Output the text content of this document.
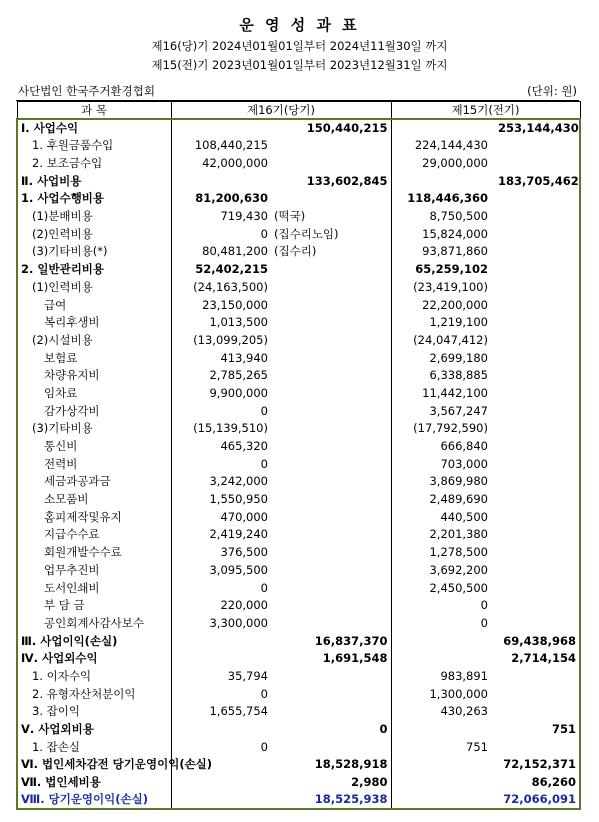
운 영 성 과 표
제16(당)기 2024년01월01일부터 2024년11월30일 까지
제15(전)기 2023년01월01일부터 2023년12월31일 까지
사단법인 한국주거환경협회	(단위: 원)
과 목	제16기(당기)			제15기(전기)		
Ⅰ. 사업수익			150,440,215			253,144,430
1. 후원금품수입	108,440,215			224,144,430		
2. 보조금수입	42,000,000			29,000,000		
Ⅱ. 사업비용			133,602,845			183,705,462
1. 사업수행비용	81,200,630			118,446,360		
(1)분배비용	719,430	(떡국)		8,750,500		
(2)인력비용	0	(집수리노임)		15,824,000		
(3)기타비용(*)	80,481,200	(집수리)		93,871,860		
2. 일반관리비용	52,402,215			65,259,102		
(1)인력비용	(24,163,500)			(23,419,100)		
급여	23,150,000			22,200,000		
복리후생비	1,013,500			1,219,100		
(2)시설비용	(13,099,205)			(24,047,412)		
보험료	413,940			2,699,180		
차량유지비	2,785,265			6,338,885		
임차료	9,900,000			11,442,100		
감가상각비	0			3,567,247		
(3)기타비용	(15,139,510)			(17,792,590)		
통신비	465,320			666,840		
전력비	0			703,000		
세금과공과금	3,242,000			3,869,980		
소모품비	1,550,950			2,489,690		
홈피제작및유지	470,000			440,500		
지급수수료	2,419,240			2,201,380		
회원개발수수료	376,500			1,278,500		
업무추진비	3,095,500			3,692,200		
도서인쇄비	0			2,450,500		
부 담 금	220,000			0		
공인회계사감사보수	3,300,000			0		
Ⅲ. 사업이익(손실)			16,837,370			69,438,968
Ⅳ. 사업외수익			1,691,548			2,714,154
1. 이자수익	35,794			983,891		
2. 유형자산처분이익	0			1,300,000		
3. 잡이익	1,655,754			430,263		
Ⅴ. 사업외비용			0			751
1. 잡손실	0			751		
Ⅵ. 법인세차감전 당기운영이익(손실)			18,528,918			72,152,371
Ⅶ. 법인세비용			2,980			86,260
Ⅷ. 당기운영이익(손실)			18,525,938			72,066,091
